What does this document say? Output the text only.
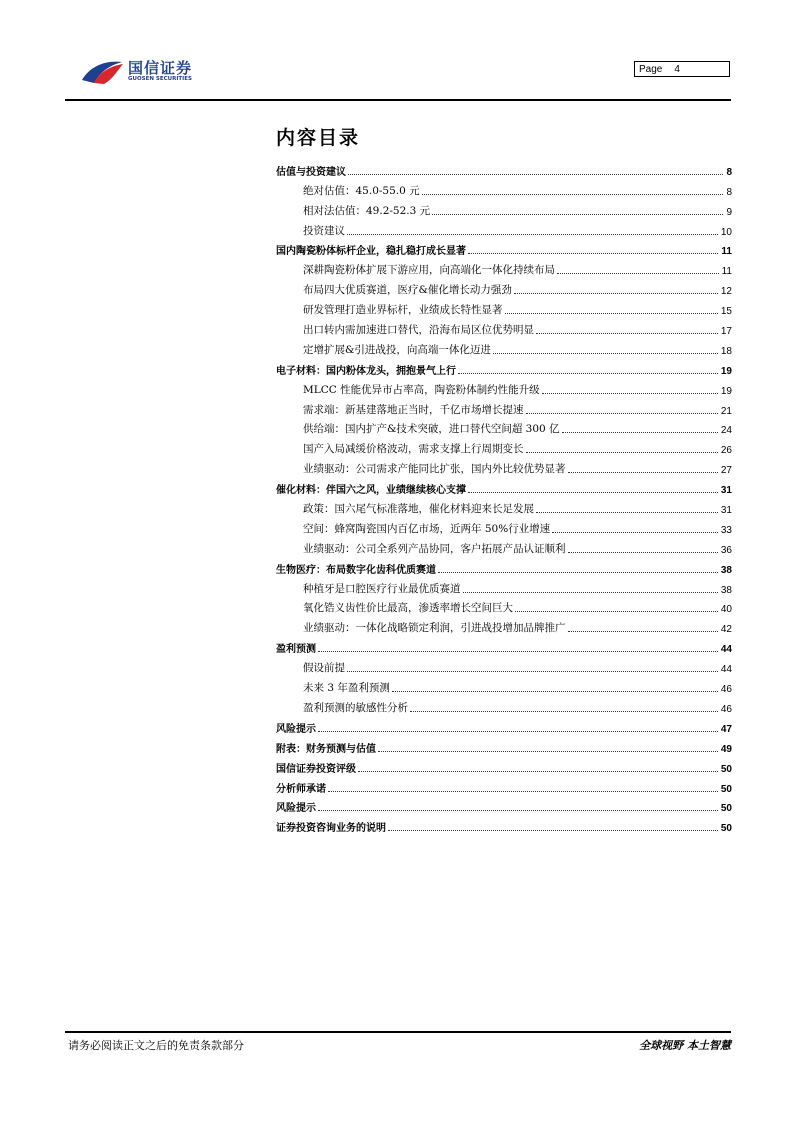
国信证券
GUOSEN SECURITIES
Page 4
内容目录
估值与投资建议	8
绝对估值：45.0-55.0 元	8
相对法估值：49.2-52.3 元	9
投资建议	10
国内陶瓷粉体标杆企业，稳扎稳打成长显著	11
深耕陶瓷粉体扩展下游应用，向高端化一体化持续布局	11
布局四大优质赛道，医疗&催化增长动力强劲	12
研发管理打造业界标杆，业绩成长特性显著	15
出口转内需加速进口替代，沿海布局区位优势明显	17
定增扩展&引进战投，向高端一体化迈进	18
电子材料：国内粉体龙头，拥抱景气上行	19
MLCC 性能优异市占率高，陶瓷粉体制约性能升级	19
需求端：新基建落地正当时，千亿市场增长提速	21
供给端：国内扩产&技术突破，进口替代空间超 300 亿	24
国产入局减缓价格波动，需求支撑上行周期变长	26
业绩驱动：公司需求产能同比扩张，国内外比较优势显著	27
催化材料：伴国六之风，业绩继续核心支撑	31
政策：国六尾气标准落地，催化材料迎来长足发展	31
空间：蜂窝陶瓷国内百亿市场，近两年 50%行业增速	33
业绩驱动：公司全系列产品协同，客户拓展产品认证顺利	36
生物医疗：布局数字化齿科优质赛道	38
种植牙是口腔医疗行业最优质赛道	38
氧化锆义齿性价比最高，渗透率增长空间巨大	40
业绩驱动：一体化战略锁定利润，引进战投增加品牌推广	42
盈利预测	44
假设前提	44
未来 3 年盈利预测	46
盈利预测的敏感性分析	46
风险提示	47
附表：财务预测与估值	49
国信证券投资评级	50
分析师承诺	50
风险提示	50
证券投资咨询业务的说明	50
请务必阅读正文之后的免责条款部分	全球视野 本土智慧
